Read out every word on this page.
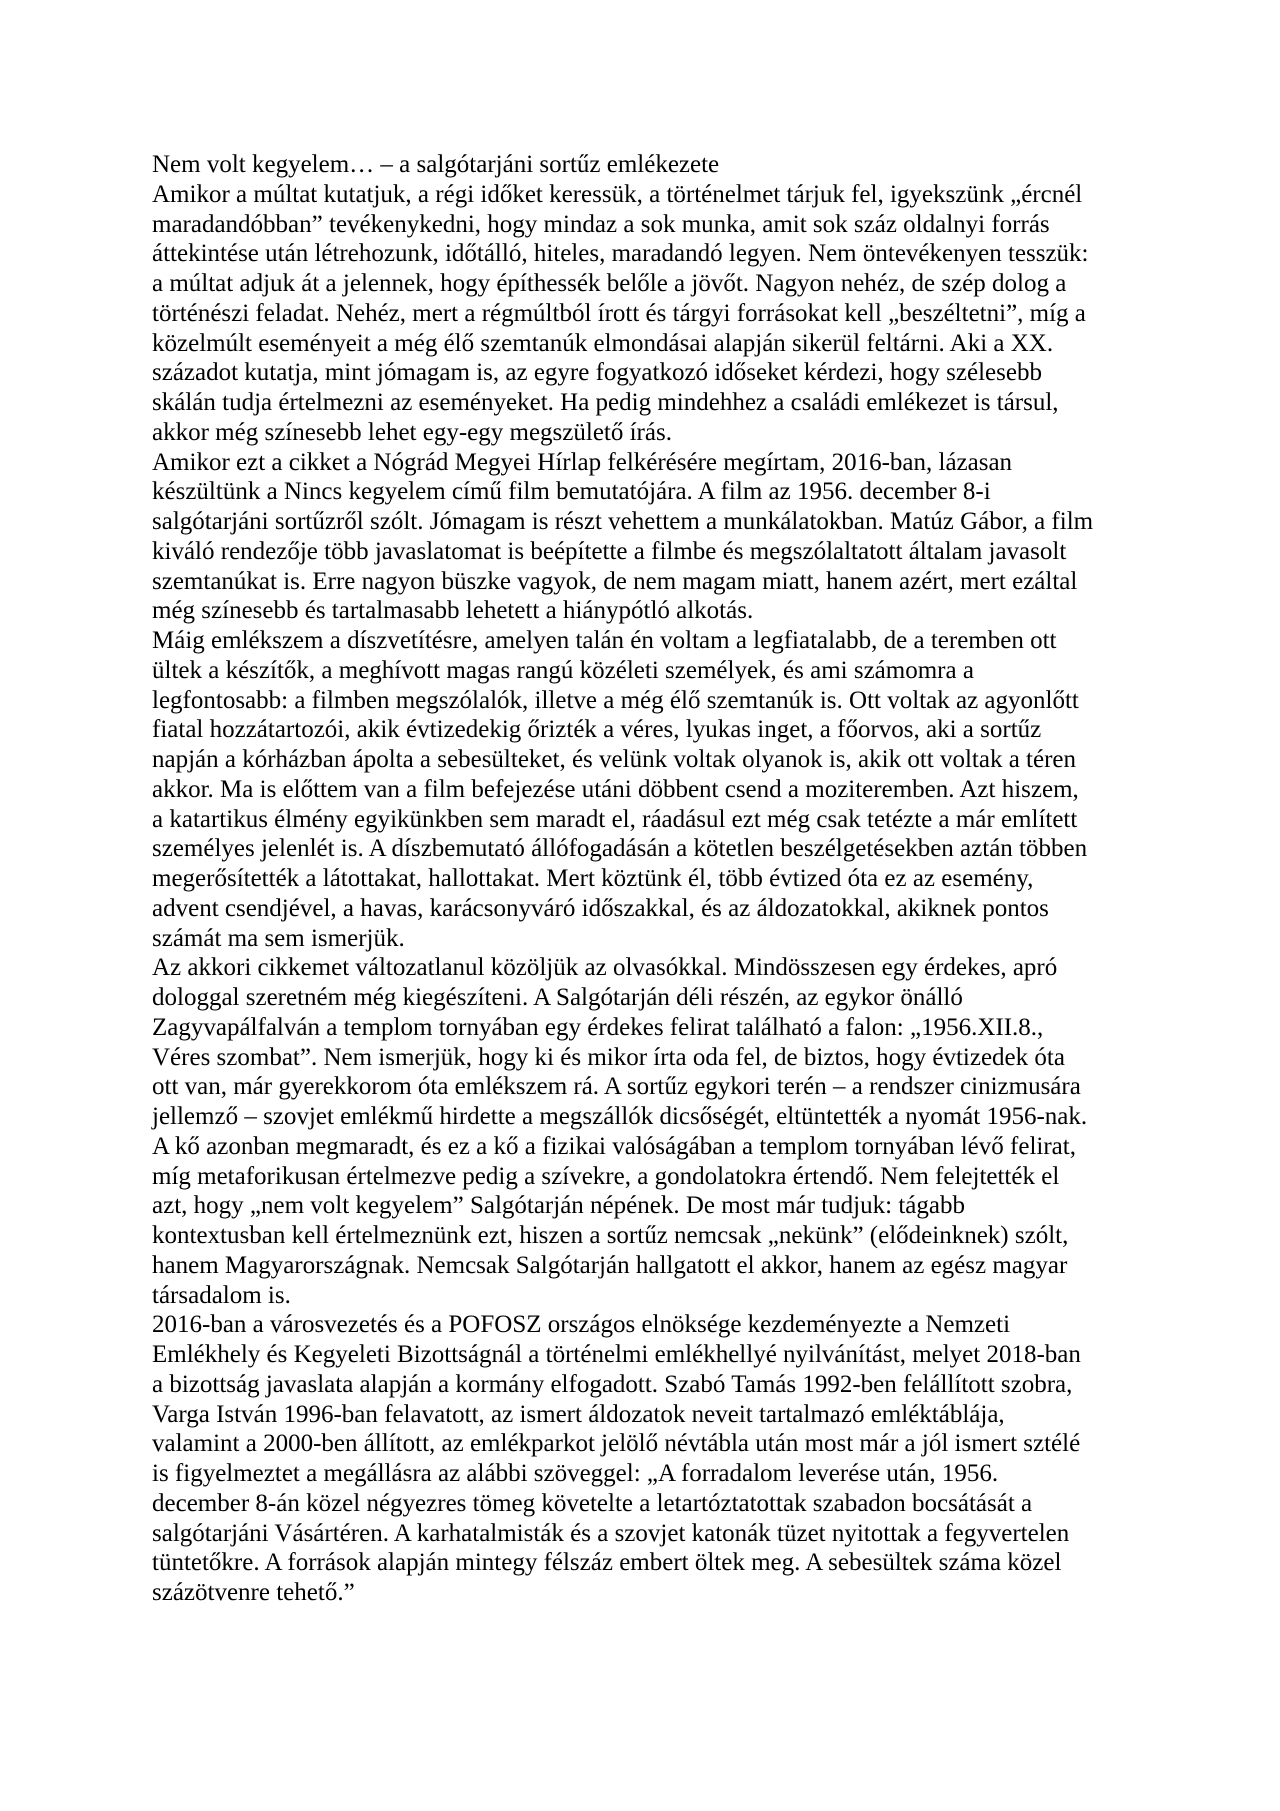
Nem volt kegyelem… – a salgótarjáni sortűz emlékezete
Amikor a múltat kutatjuk, a régi időket keressük, a történelmet tárjuk fel, igyekszünk „ércnél
maradandóbban” tevékenykedni, hogy mindaz a sok munka, amit sok száz oldalnyi forrás
áttekintése után létrehozunk, időtálló, hiteles, maradandó legyen. Nem öntevékenyen tesszük:
a múltat adjuk át a jelennek, hogy építhessék belőle a jövőt. Nagyon nehéz, de szép dolog a
történészi feladat. Nehéz, mert a régmúltból írott és tárgyi forrásokat kell „beszéltetni”, míg a
közelmúlt eseményeit a még élő szemtanúk elmondásai alapján sikerül feltárni. Aki a XX.
századot kutatja, mint jómagam is, az egyre fogyatkozó időseket kérdezi, hogy szélesebb
skálán tudja értelmezni az eseményeket. Ha pedig mindehhez a családi emlékezet is társul,
akkor még színesebb lehet egy-egy megszülető írás.
Amikor ezt a cikket a Nógrád Megyei Hírlap felkérésére megírtam, 2016-ban, lázasan
készültünk a Nincs kegyelem című film bemutatójára. A film az 1956. december 8-i
salgótarjáni sortűzről szólt. Jómagam is részt vehettem a munkálatokban. Matúz Gábor, a film
kiváló rendezője több javaslatomat is beépítette a filmbe és megszólaltatott általam javasolt
szemtanúkat is. Erre nagyon büszke vagyok, de nem magam miatt, hanem azért, mert ezáltal
még színesebb és tartalmasabb lehetett a hiánypótló alkotás.
Máig emlékszem a díszvetítésre, amelyen talán én voltam a legfiatalabb, de a teremben ott
ültek a készítők, a meghívott magas rangú közéleti személyek, és ami számomra a
legfontosabb: a filmben megszólalók, illetve a még élő szemtanúk is. Ott voltak az agyonlőtt
fiatal hozzátartozói, akik évtizedekig őrizték a véres, lyukas inget, a főorvos, aki a sortűz
napján a kórházban ápolta a sebesülteket, és velünk voltak olyanok is, akik ott voltak a téren
akkor. Ma is előttem van a film befejezése utáni döbbent csend a moziteremben. Azt hiszem,
a katartikus élmény egyikünkben sem maradt el, ráadásul ezt még csak tetézte a már említett
személyes jelenlét is. A díszbemutató állófogadásán a kötetlen beszélgetésekben aztán többen
megerősítették a látottakat, hallottakat. Mert köztünk él, több évtized óta ez az esemény,
advent csendjével, a havas, karácsonyváró időszakkal, és az áldozatokkal, akiknek pontos
számát ma sem ismerjük.
Az akkori cikkemet változatlanul közöljük az olvasókkal. Mindösszesen egy érdekes, apró
dologgal szeretném még kiegészíteni. A Salgótarján déli részén, az egykor önálló
Zagyvapálfalván a templom tornyában egy érdekes felirat található a falon: „1956.XII.8.,
Véres szombat”. Nem ismerjük, hogy ki és mikor írta oda fel, de biztos, hogy évtizedek óta
ott van, már gyerekkorom óta emlékszem rá. A sortűz egykori terén – a rendszer cinizmusára
jellemző – szovjet emlékmű hirdette a megszállók dicsőségét, eltüntették a nyomát 1956-nak.
A kő azonban megmaradt, és ez a kő a fizikai valóságában a templom tornyában lévő felirat,
míg metaforikusan értelmezve pedig a szívekre, a gondolatokra értendő. Nem felejtették el
azt, hogy „nem volt kegyelem” Salgótarján népének. De most már tudjuk: tágabb
kontextusban kell értelmeznünk ezt, hiszen a sortűz nemcsak „nekünk” (elődeinknek) szólt,
hanem Magyarországnak. Nemcsak Salgótarján hallgatott el akkor, hanem az egész magyar
társadalom is.
2016-ban a városvezetés és a POFOSZ országos elnöksége kezdeményezte a Nemzeti
Emlékhely és Kegyeleti Bizottságnál a történelmi emlékhellyé nyilvánítást, melyet 2018-ban
a bizottság javaslata alapján a kormány elfogadott. Szabó Tamás 1992-ben felállított szobra,
Varga István 1996-ban felavatott, az ismert áldozatok neveit tartalmazó emléktáblája,
valamint a 2000-ben állított, az emlékparkot jelölő névtábla után most már a jól ismert sztélé
is figyelmeztet a megállásra az alábbi szöveggel: „A forradalom leverése után, 1956.
december 8-án közel négyezres tömeg követelte a letartóztatottak szabadon bocsátását a
salgótarjáni Vásártéren. A karhatalmisták és a szovjet katonák tüzet nyitottak a fegyvertelen
tüntetőkre. A források alapján mintegy félszáz embert öltek meg. A sebesültek száma közel
százötvenre tehető.”
